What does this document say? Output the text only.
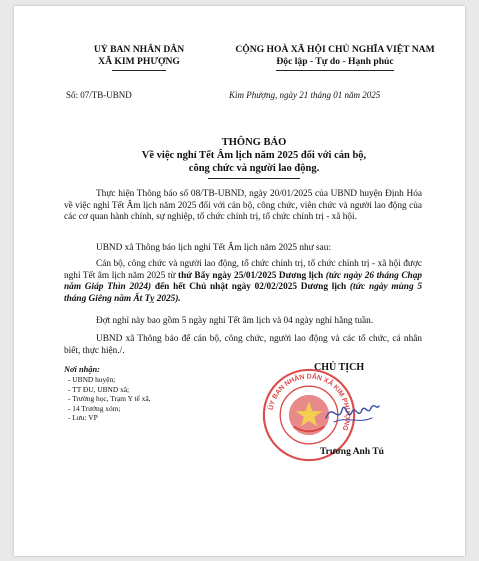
UỶ BAN NHÂN DÂN
XÃ KIM PHƯỢNG
CỘNG HOÀ XÃ HỘI CHỦ NGHĨA VIỆT NAM
Độc lập - Tự do - Hạnh phúc
Số: 07/TB-UBND	Kim Phượng, ngày 21 tháng 01 năm 2025
THÔNG BÁO
Về việc nghỉ Tết Âm lịch năm 2025 đối với cán bộ,
công chức và người lao động.
Thực hiện Thông báo số 08/TB-UBND, ngày 20/01/2025 của UBND huyện Định Hóa về việc nghỉ Tết Âm lịch năm 2025 đối với cán bộ, công chức, viên chức và người lao động của các cơ quan hành chính, sự nghiệp, tổ chức chính trị, tổ chức chính trị - xã hội.
UBND xã Thông báo lịch nghỉ Tết Âm lịch năm 2025 như sau:
Cán bộ, công chức và người lao động, tổ chức chính trị, tổ chức chính trị - xã hội được nghỉ Tết âm lịch năm 2025 từ thứ Bẩy ngày 25/01/2025 Dương lịch (tức ngày 26 tháng Chạp năm Giáp Thìn 2024) đến hết Chủ nhật ngày 02/02/2025 Dương lịch (tức ngày mùng 5 tháng Giêng năm Ất Tỵ 2025).
Đợt nghỉ này bao gồm 5 ngày nghỉ Tết âm lịch và 04 ngày nghỉ hằng tuần.
UBND xã Thông báo để cán bộ, công chức, người lao động và các tổ chức, cá nhân biết, thực hiện./.
Nơi nhận:
- UBND huyện;
- TT ĐU, UBND xã;
- Trường học, Trạm Y tế xã,
- 14 Trưởng xóm;
- Lưu: VP
CHỦ TỊCH
ỦY BAN NHÂN DÂN XÃ KIM PHƯỢNG
Trương Anh Tú
